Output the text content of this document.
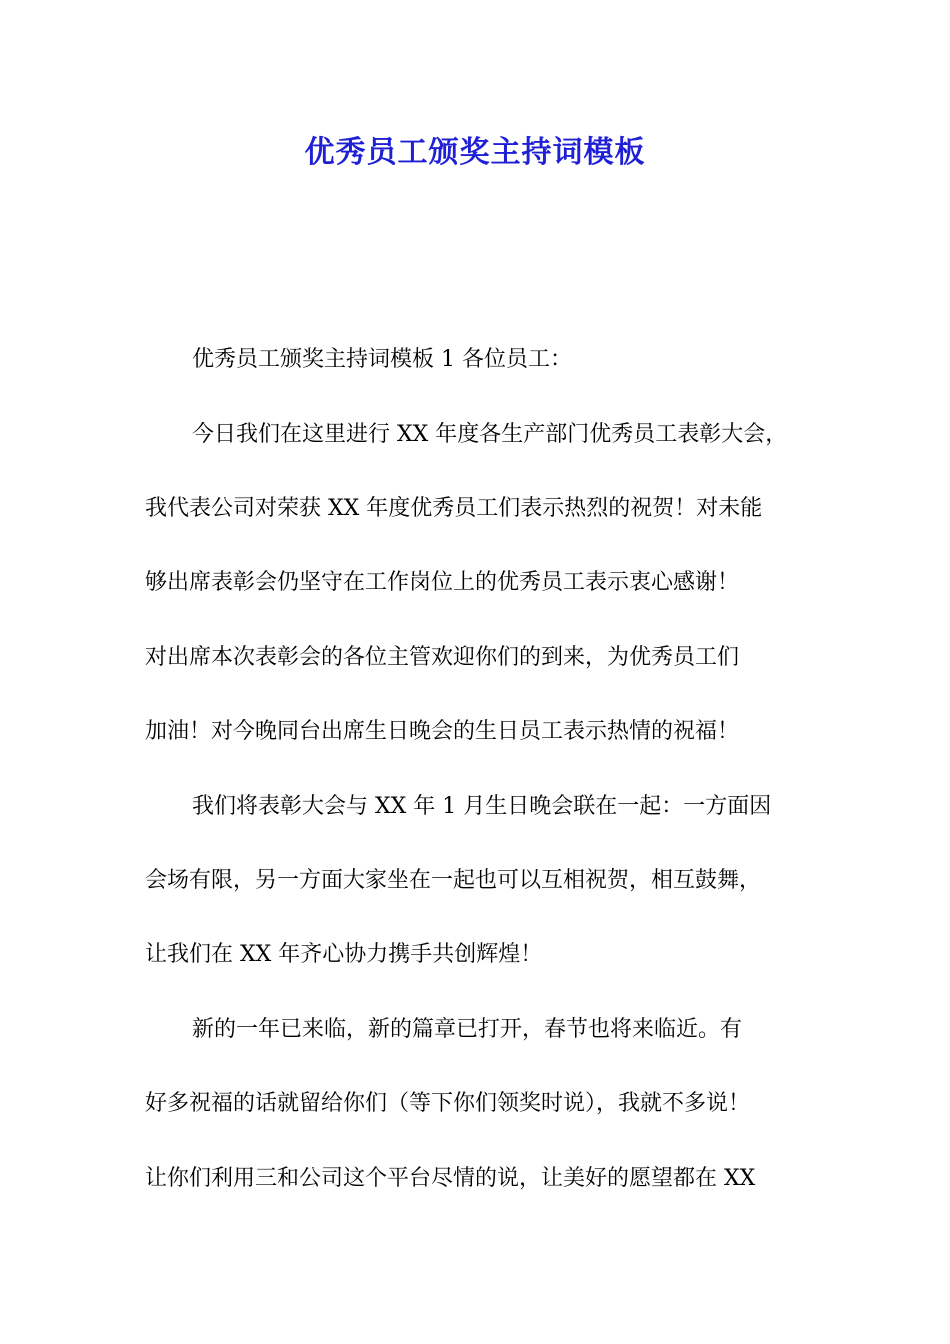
优秀员工颁奖主持词模板
优秀员工颁奖主持词模板 1 各位员工：
今日我们在这里进行 XX 年度各生产部门优秀员工表彰大会，
我代表公司对荣获 XX 年度优秀员工们表示热烈的祝贺！对未能
够出席表彰会仍坚守在工作岗位上的优秀员工表示衷心感谢！
对出席本次表彰会的各位主管欢迎你们的到来，为优秀员工们
加油！对今晚同台出席生日晚会的生日员工表示热情的祝福！
我们将表彰大会与 XX 年 1 月生日晚会联在一起：一方面因
会场有限，另一方面大家坐在一起也可以互相祝贺，相互鼓舞，
让我们在 XX 年齐心协力携手共创辉煌！
新的一年已来临，新的篇章已打开，春节也将来临近。有
好多祝福的话就留给你们（等下你们领奖时说），我就不多说！
让你们利用三和公司这个平台尽情的说，让美好的愿望都在 XX
